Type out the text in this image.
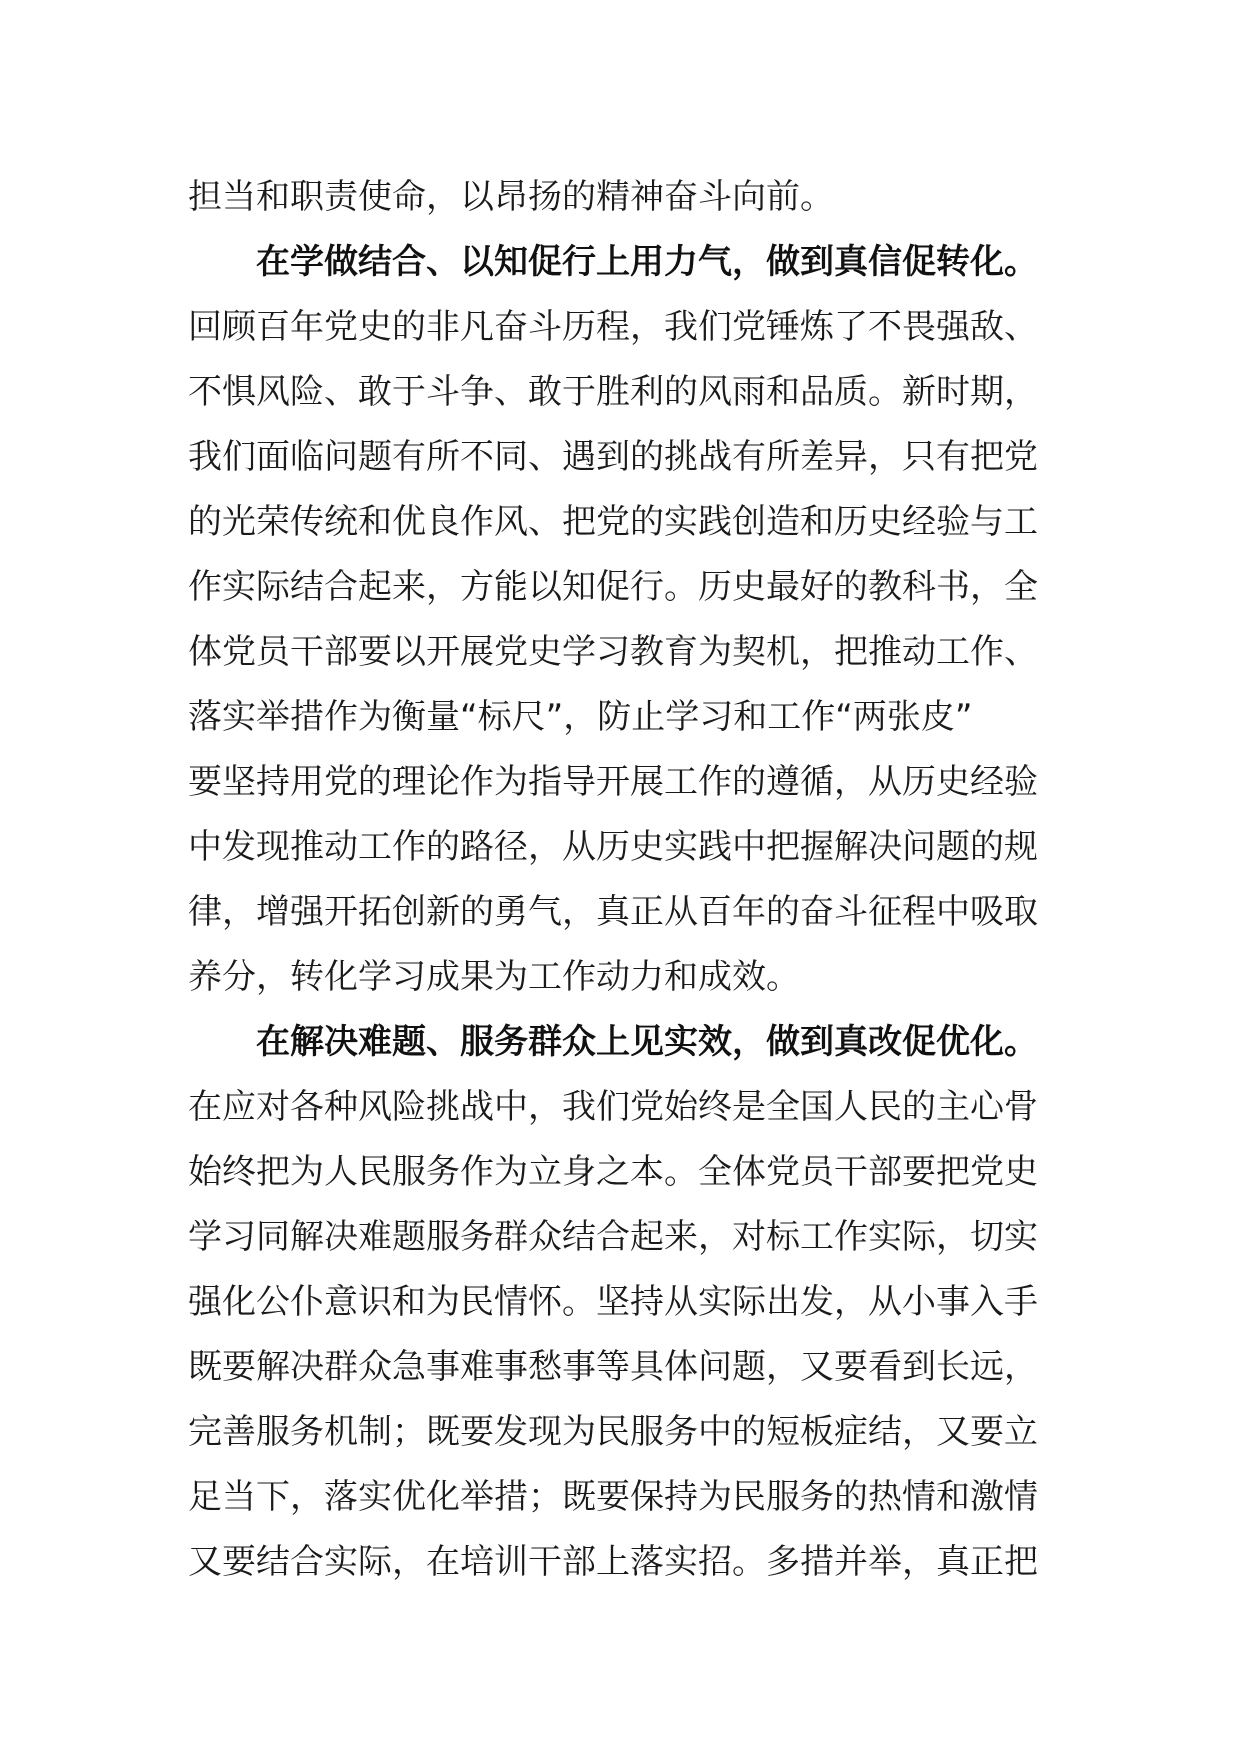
担当和职责使命，以昂扬的精神奋斗向前。
在学做结合、以知促行上用力气，做到真信促转化。
回顾百年党史的非凡奋斗历程，我们党锤炼了不畏强敌、
不惧风险、敢于斗争、敢于胜利的风雨和品质。新时期，
我们面临问题有所不同、遇到的挑战有所差异，只有把党
的光荣传统和优良作风、把党的实践创造和历史经验与工
作实际结合起来，方能以知促行。历史最好的教科书，全
体党员干部要以开展党史学习教育为契机，把推动工作、
落实举措作为衡量“标尺”，防止学习和工作“两张皮”
要坚持用党的理论作为指导开展工作的遵循，从历史经验
中发现推动工作的路径，从历史实践中把握解决问题的规
律，增强开拓创新的勇气，真正从百年的奋斗征程中吸取
养分，转化学习成果为工作动力和成效。
在解决难题、服务群众上见实效，做到真改促优化。
在应对各种风险挑战中，我们党始终是全国人民的主心骨
始终把为人民服务作为立身之本。全体党员干部要把党史
学习同解决难题服务群众结合起来，对标工作实际，切实
强化公仆意识和为民情怀。坚持从实际出发，从小事入手
既要解决群众急事难事愁事等具体问题，又要看到长远，
完善服务机制；既要发现为民服务中的短板症结，又要立
足当下，落实优化举措；既要保持为民服务的热情和激情
又要结合实际，在培训干部上落实招。多措并举，真正把
